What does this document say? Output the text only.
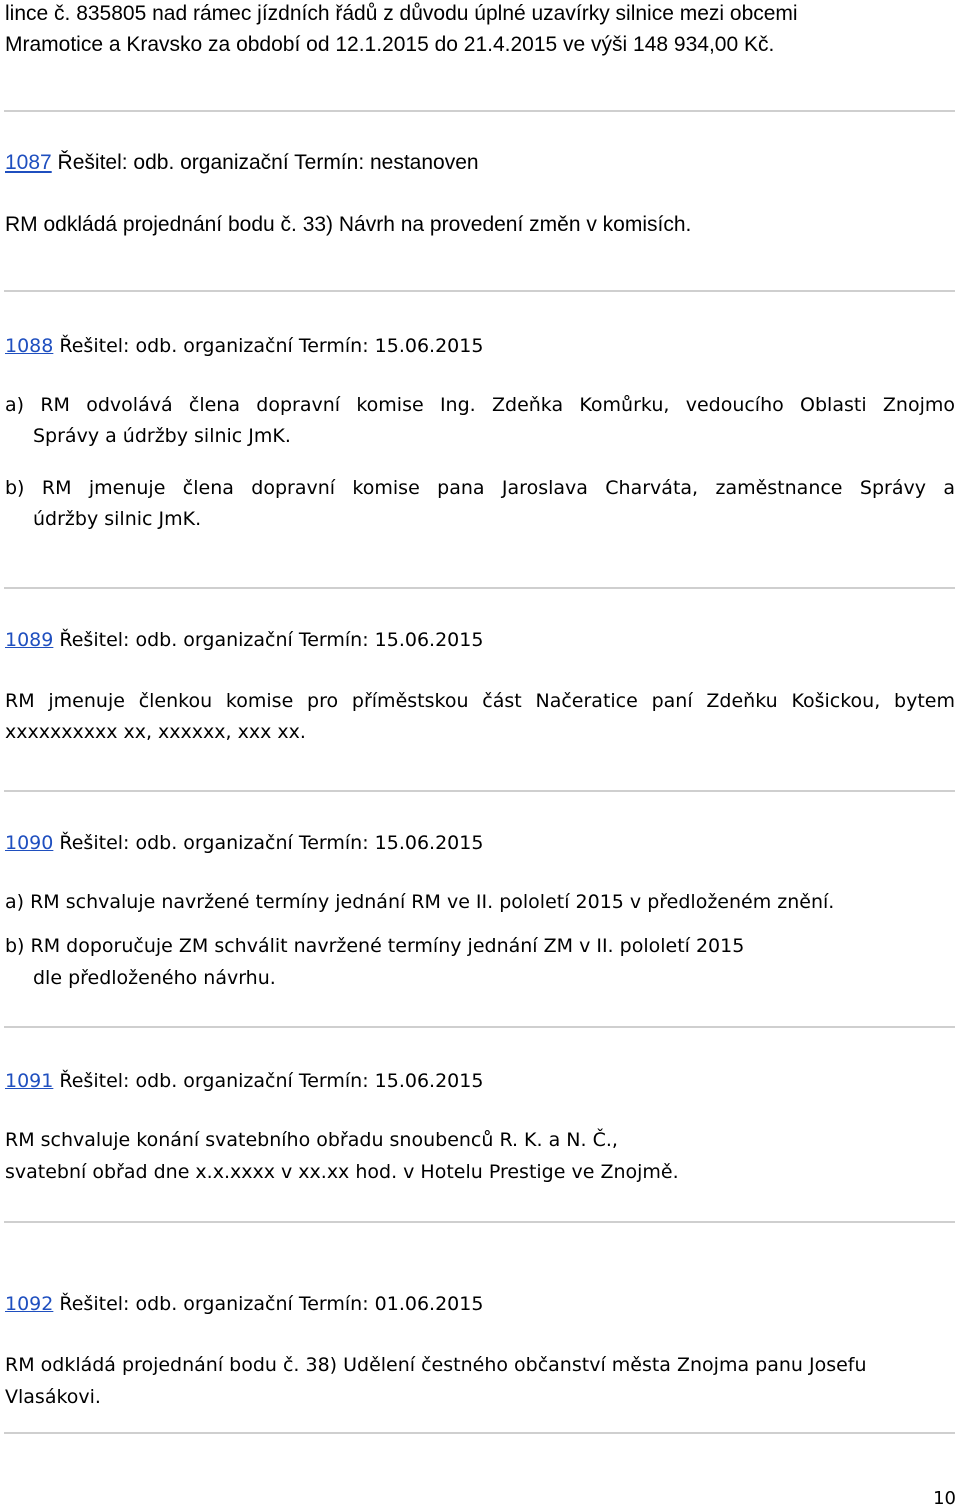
lince č. 835805 nad rámec jízdních řádů z důvodu úplné uzavírky silnice mezi obcemi
Mramotice a Kravsko za období od 12.1.2015 do 21.4.2015 ve výši 148 934,00 Kč.
1087 Řešitel: odb. organizační Termín: nestanoven
RM odkládá projednání bodu č. 33) Návrh na provedení změn v komisích.
1088 Řešitel: odb. organizační Termín: 15.06.2015
a) RM odvolává člena dopravní komise Ing. Zdeňka Komůrku, vedoucího Oblasti Znojmo
Správy a údržby silnic JmK.
b) RM jmenuje člena dopravní komise pana Jaroslava Charváta, zaměstnance Správy a
údržby silnic JmK.
1089 Řešitel: odb. organizační Termín: 15.06.2015
RM jmenuje členkou komise pro příměstskou část Načeratice paní Zdeňku Košickou, bytem
xxxxxxxxxx xx, xxxxxx, xxx xx.
1090 Řešitel: odb. organizační Termín: 15.06.2015
a) RM schvaluje navržené termíny jednání RM ve II. pololetí 2015 v předloženém znění.
b) RM doporučuje ZM schválit navržené termíny jednání ZM v II. pololetí 2015
dle předloženého návrhu.
1091 Řešitel: odb. organizační Termín: 15.06.2015
RM schvaluje konání svatebního obřadu snoubenců R. K. a N. Č.,
svatební obřad dne x.x.xxxx v xx.xx hod. v Hotelu Prestige ve Znojmě.
1092 Řešitel: odb. organizační Termín: 01.06.2015
RM odkládá projednání bodu č. 38) Udělení čestného občanství města Znojma panu Josefu
Vlasákovi.
10
